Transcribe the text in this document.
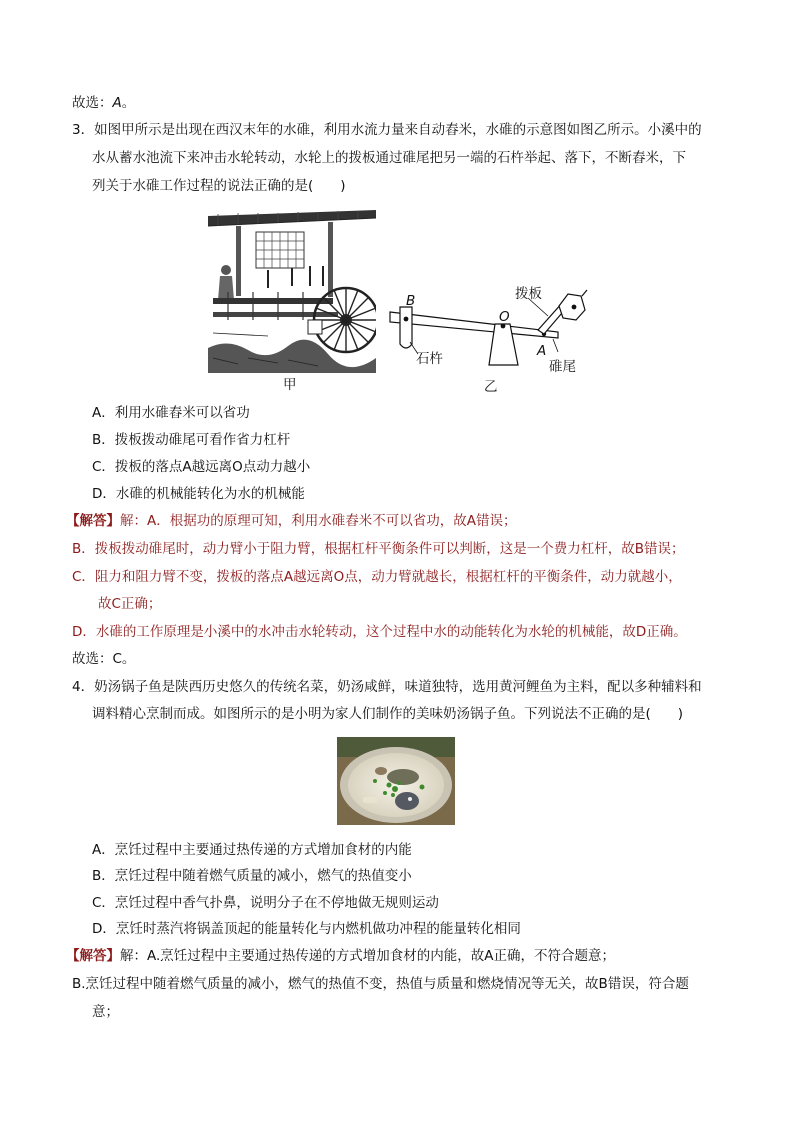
故选：A。
3．如图甲所示是出现在西汉末年的水碓，利用水流力量来自动舂米，水碓的示意图如图乙所示。小溪中的
水从蓄水池流下来冲击水轮转动，水轮上的拨板通过碓尾把另一端的石杵举起、落下，不断舂米，下
列关于水碓工作过程的说法正确的是(　　)
甲
B
O
A
石杵
拨板
碓尾
乙
A．利用水碓舂米可以省功
B．拨板拨动碓尾可看作省力杠杆
C．拨板的落点A越远离O点动力越小
D．水碓的机械能转化为水的机械能
【解答】解：A．根据功的原理可知，利用水碓舂米不可以省功，故A错误；
B．拨板拨动碓尾时，动力臂小于阻力臂，根据杠杆平衡条件可以判断，这是一个费力杠杆，故B错误；
C．阻力和阻力臂不变，拨板的落点A越远离O点，动力臂就越长，根据杠杆的平衡条件，动力就越小，
故C正确；
D．水碓的工作原理是小溪中的水冲击水轮转动，这个过程中水的动能转化为水轮的机械能，故D正确。
故选：C。
4．奶汤锅子鱼是陕西历史悠久的传统名菜，奶汤咸鲜，味道独特，选用黄河鲤鱼为主料，配以多种辅料和
调料精心烹制而成。如图所示的是小明为家人们制作的美味奶汤锅子鱼。下列说法不正确的是(　　)
A．烹饪过程中主要通过热传递的方式增加食材的内能
B．烹饪过程中随着燃气质量的减小，燃气的热值变小
C．烹饪过程中香气扑鼻，说明分子在不停地做无规则运动
D．烹饪时蒸汽将锅盖顶起的能量转化与内燃机做功冲程的能量转化相同
【解答】解：A.烹饪过程中主要通过热传递的方式增加食材的内能，故A正确，不符合题意；
B.烹饪过程中随着燃气质量的减小，燃气的热值不变，热值与质量和燃烧情况等无关，故B错误，符合题
意；
